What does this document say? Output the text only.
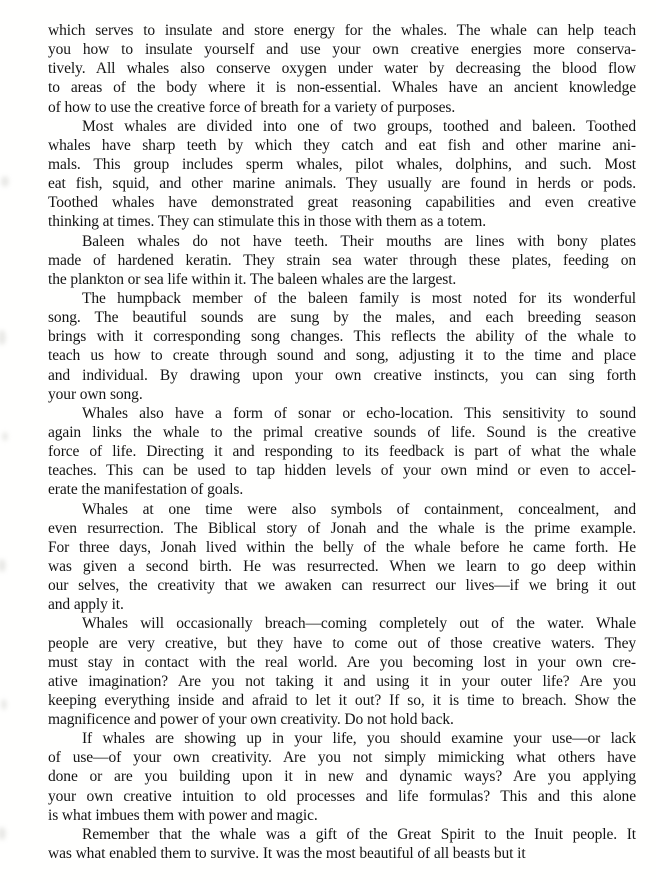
which serves to insulate and store energy for the whales. The whale can help teach
you how to insulate yourself and use your own creative energies more conserva-
tively. All whales also conserve oxygen under water by decreasing the blood flow
to areas of the body where it is non-essential. Whales have an ancient knowledge
of how to use the creative force of breath for a variety of purposes.
Most whales are divided into one of two groups, toothed and baleen. Toothed
whales have sharp teeth by which they catch and eat fish and other marine ani-
mals. This group includes sperm whales, pilot whales, dolphins, and such. Most
eat fish, squid, and other marine animals. They usually are found in herds or pods.
Toothed whales have demonstrated great reasoning capabilities and even creative
thinking at times. They can stimulate this in those with them as a totem.
Baleen whales do not have teeth. Their mouths are lines with bony plates
made of hardened keratin. They strain sea water through these plates, feeding on
the plankton or sea life within it. The baleen whales are the largest.
The humpback member of the baleen family is most noted for its wonderful
song. The beautiful sounds are sung by the males, and each breeding season
brings with it corresponding song changes. This reflects the ability of the whale to
teach us how to create through sound and song, adjusting it to the time and place
and individual. By drawing upon your own creative instincts, you can sing forth
your own song.
Whales also have a form of sonar or echo-location. This sensitivity to sound
again links the whale to the primal creative sounds of life. Sound is the creative
force of life. Directing it and responding to its feedback is part of what the whale
teaches. This can be used to tap hidden levels of your own mind or even to accel-
erate the manifestation of goals.
Whales at one time were also symbols of containment, concealment, and
even resurrection. The Biblical story of Jonah and the whale is the prime example.
For three days, Jonah lived within the belly of the whale before he came forth. He
was given a second birth. He was resurrected. When we learn to go deep within
our selves, the creativity that we awaken can resurrect our lives—if we bring it out
and apply it.
Whales will occasionally breach—coming completely out of the water. Whale
people are very creative, but they have to come out of those creative waters. They
must stay in contact with the real world. Are you becoming lost in your own cre-
ative imagination? Are you not taking it and using it in your outer life? Are you
keeping everything inside and afraid to let it out? If so, it is time to breach. Show the
magnificence and power of your own creativity. Do not hold back.
If whales are showing up in your life, you should examine your use—or lack
of use—of your own creativity. Are you not simply mimicking what others have
done or are you building upon it in new and dynamic ways? Are you applying
your own creative intuition to old processes and life formulas? This and this alone
is what imbues them with power and magic.
Remember that the whale was a gift of the Great Spirit to the Inuit people. It
was what enabled them to survive. It was the most beautiful of all beasts but it
